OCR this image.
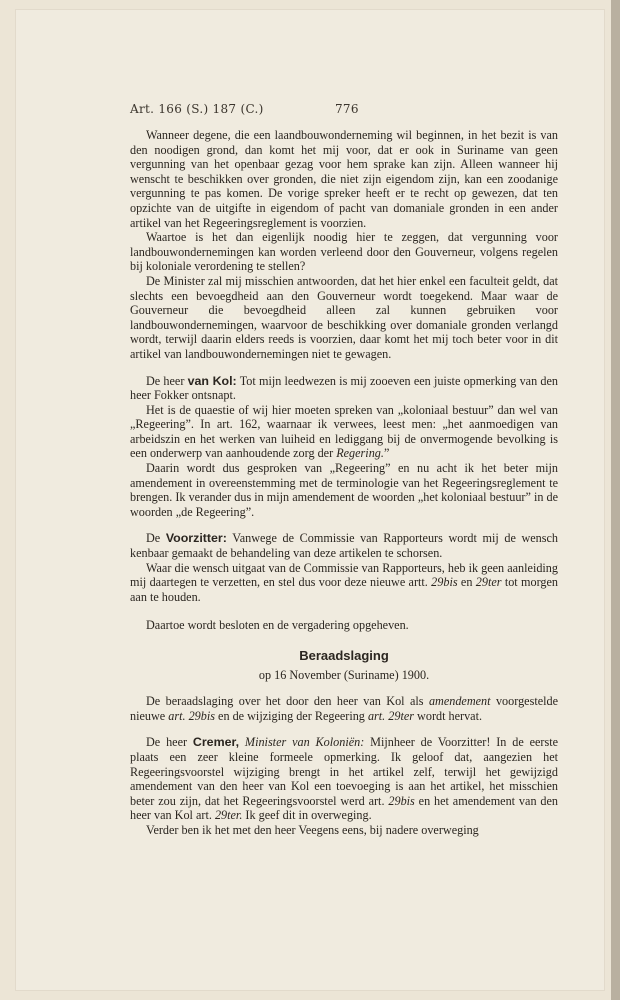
Art. 166 (S.) 187 (C.)	776

Wanneer degene, die een laandbouwonderneming wil beginnen, in het bezit is van den noodigen grond, dan komt het mij voor, dat er ook in Suriname van geen vergunning van het openbaar gezag voor hem sprake kan zijn. Alleen wanneer hij wenscht te beschikken over gronden, die niet zijn eigendom zijn, kan een zoodanige vergunning te pas komen. De vorige spreker heeft er te recht op gewezen, dat ten opzichte van de uitgifte in eigendom of pacht van domaniale gronden in een ander artikel van het Regeeringsreglement is voorzien.

Waartoe is het dan eigenlijk noodig hier te zeggen, dat vergunning voor landbouwondernemingen kan worden verleend door den Gouverneur, volgens regelen bij koloniale verordening te stellen?

De Minister zal mij misschien antwoorden, dat het hier enkel een faculteit geldt, dat slechts een bevoegdheid aan den Gouverneur wordt toegekend. Maar waar de Gouverneur die bevoegdheid alleen zal kunnen gebruiken voor landbouwondernemingen, waarvoor de beschikking over domaniale gronden verlangd wordt, terwijl daarin elders reeds is voorzien, daar komt het mij toch beter voor in dit artikel van landbouwondernemingen niet te gewagen.

De heer van Kol: Tot mijn leedwezen is mij zooeven een juiste opmerking van den heer Fokker ontsnapt.

Het is de quaestie of wij hier moeten spreken van „koloniaal bestuur” dan wel van „Regeering”. In art. 162, waarnaar ik verwees, leest men: „het aanmoedigen van arbeidszin en het werken van luiheid en lediggang bij de onvermogende bevolking is een onderwerp van aanhoudende zorg der Regering.”

Daarin wordt dus gesproken van „Regeering” en nu acht ik het beter mijn amendement in overeenstemming met de terminologie van het Regeeringsreglement te brengen. Ik verander dus in mijn amendement de woorden „het koloniaal bestuur” in de woorden „de Regeering”.

De Voorzitter: Vanwege de Commissie van Rapporteurs wordt mij de wensch kenbaar gemaakt de behandeling van deze artikelen te schorsen.

Waar die wensch uitgaat van de Commissie van Rapporteurs, heb ik geen aanleiding mij daartegen te verzetten, en stel dus voor deze nieuwe artt. 29bis en 29ter tot morgen aan te houden.

Daartoe wordt besloten en de vergadering opgeheven.

Beraadslaging

op 16 November (Suriname) 1900.

De beraadslaging over het door den heer van Kol als amendement voorgestelde nieuwe art. 29bis en de wijziging der Regeering art. 29ter wordt hervat.

De heer Cremer, Minister van Koloniën: Mijnheer de Voorzitter! In de eerste plaats een zeer kleine formeele opmerking. Ik geloof dat, aangezien het Regeeringsvoorstel wijziging brengt in het artikel zelf, terwijl het gewijzigd amendement van den heer van Kol een toevoeging is aan het artikel, het misschien beter zou zijn, dat het Regeeringsvoorstel werd art. 29bis en het amendement van den heer van Kol art. 29ter. Ik geef dit in overweging.

Verder ben ik het met den heer Veegens eens, bij nadere overweging
